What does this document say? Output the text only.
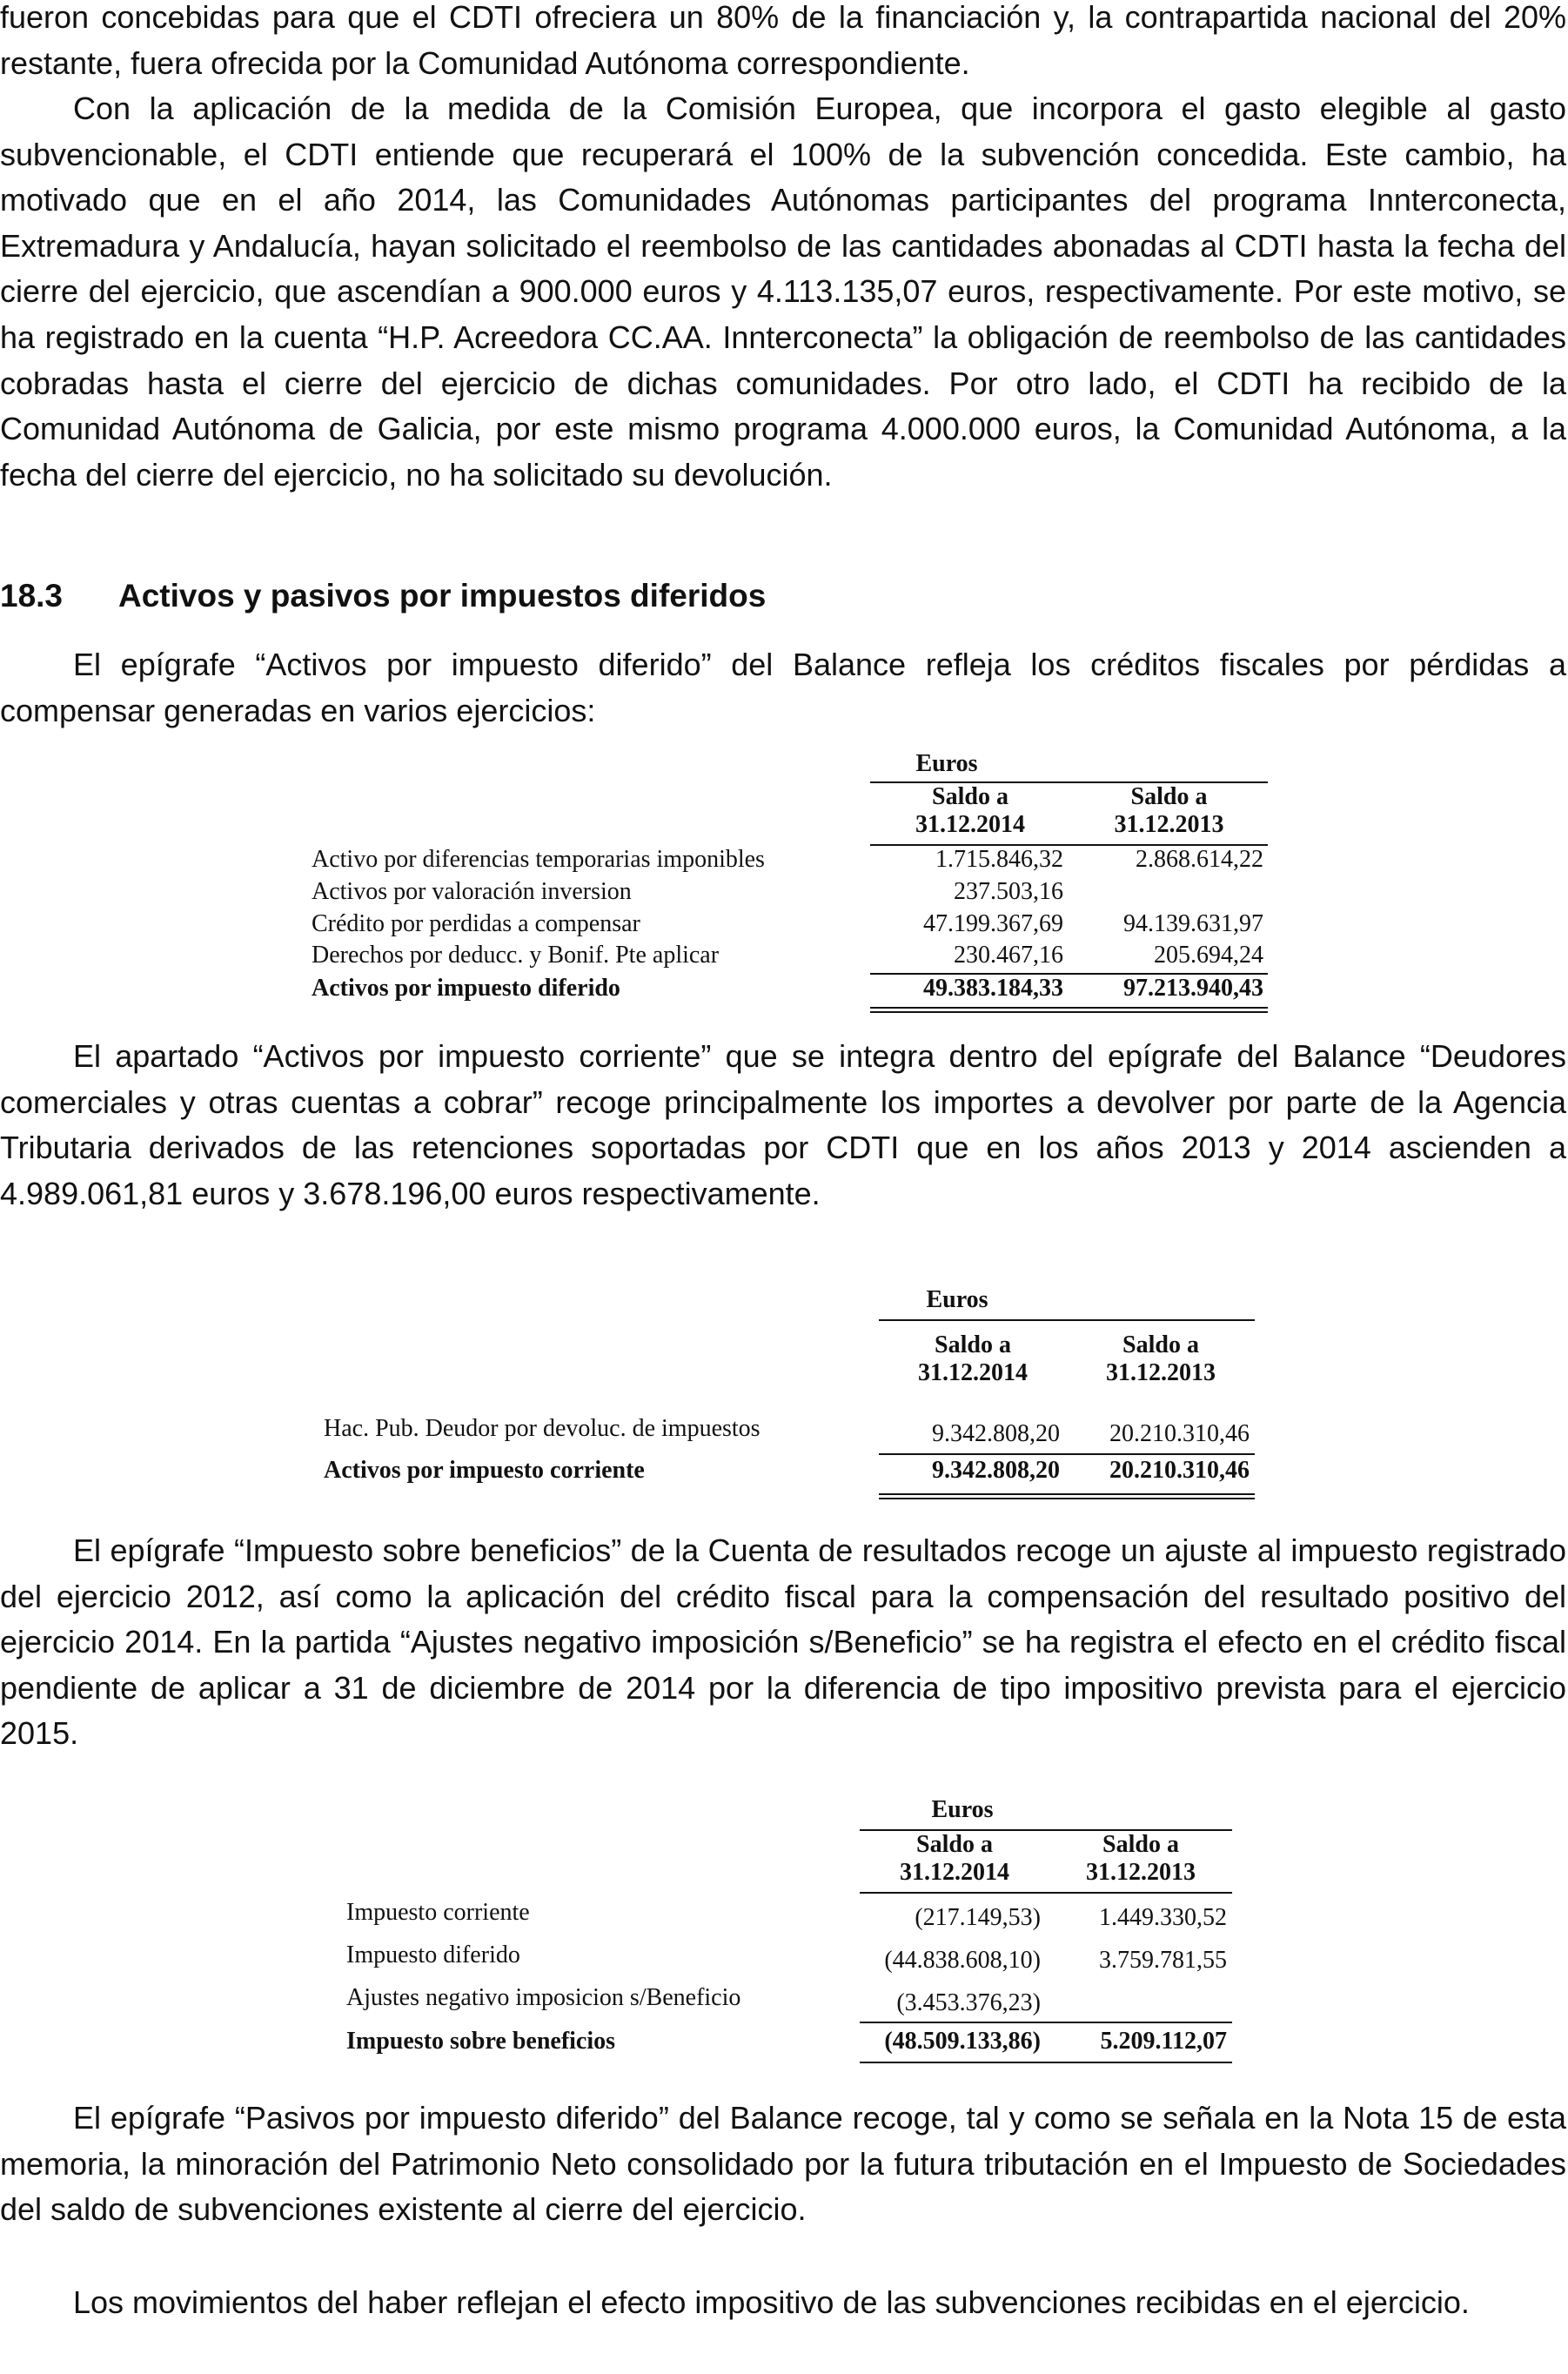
fueron concebidas para que el CDTI ofreciera un 80% de la financiación y, la contrapartida nacional del 20% restante, fuera ofrecida por la Comunidad Autónoma correspondiente.

Con la aplicación de la medida de la Comisión Europea, que incorpora el gasto elegible al gasto subvencionable, el CDTI entiende que recuperará el 100% de la subvención concedida. Este cambio, ha motivado que en el año 2014, las Comunidades Autónomas participantes del programa Innterconecta, Extremadura y Andalucía, hayan solicitado el reembolso de las cantidades abonadas al CDTI hasta la fecha del cierre del ejercicio, que ascendían a 900.000 euros y 4.113.135,07 euros, respectivamente. Por este motivo, se ha registrado en la cuenta “H.P. Acreedora CC.AA. Innterconecta” la obligación de reembolso de las cantidades cobradas hasta el cierre del ejercicio de dichas comunidades. Por otro lado, el CDTI ha recibido de la Comunidad Autónoma de Galicia, por este mismo programa 4.000.000 euros, la Comunidad Autónoma, a la fecha del cierre del ejercicio, no ha solicitado su devolución.

18.3 Activos y pasivos por impuestos diferidos

El epígrafe “Activos por impuesto diferido” del Balance refleja los créditos fiscales por pérdidas a compensar generadas en varios ejercicios:

Euros
Saldo a
31.12.2014
Saldo a
31.12.2013
Activo por diferencias temporarias imponibles	1.715.846,32	2.868.614,22
Activos por valoración inversion	237.503,16
Crédito por perdidas a compensar	47.199.367,69	94.139.631,97
Derechos por deducc. y Bonif. Pte aplicar	230.467,16	205.694,24
Activos por impuesto diferido	49.383.184,33	97.213.940,43

El apartado “Activos por impuesto corriente” que se integra dentro del epígrafe del Balance “Deudores comerciales y otras cuentas a cobrar” recoge principalmente los importes a devolver por parte de la Agencia Tributaria derivados de las retenciones soportadas por CDTI que en los años 2013 y 2014 ascienden a 4.989.061,81 euros y 3.678.196,00 euros respectivamente.

Euros
Saldo a
31.12.2014
Saldo a
31.12.2013
Hac. Pub. Deudor por devoluc. de impuestos	9.342.808,20	20.210.310,46
Activos por impuesto corriente	9.342.808,20	20.210.310,46

El epígrafe “Impuesto sobre beneficios” de la Cuenta de resultados recoge un ajuste al impuesto registrado del ejercicio 2012, así como la aplicación del crédito fiscal para la compensación del resultado positivo del ejercicio 2014. En la partida “Ajustes negativo imposición s/Beneficio” se ha registra el efecto en el crédito fiscal pendiente de aplicar a 31 de diciembre de 2014 por la diferencia de tipo impositivo prevista para el ejercicio 2015.

Euros
Saldo a
31.12.2014
Saldo a
31.12.2013
Impuesto corriente	(217.149,53)	1.449.330,52
Impuesto diferido	(44.838.608,10)	3.759.781,55
Ajustes negativo imposicion s/Beneficio	(3.453.376,23)
Impuesto sobre beneficios	(48.509.133,86)	5.209.112,07

El epígrafe “Pasivos por impuesto diferido” del Balance recoge, tal y como se señala en la Nota 15 de esta memoria, la minoración del Patrimonio Neto consolidado por la futura tributación en el Impuesto de Sociedades del saldo de subvenciones existente al cierre del ejercicio.

Los movimientos del haber reflejan el efecto impositivo de las subvenciones recibidas en el ejercicio.
